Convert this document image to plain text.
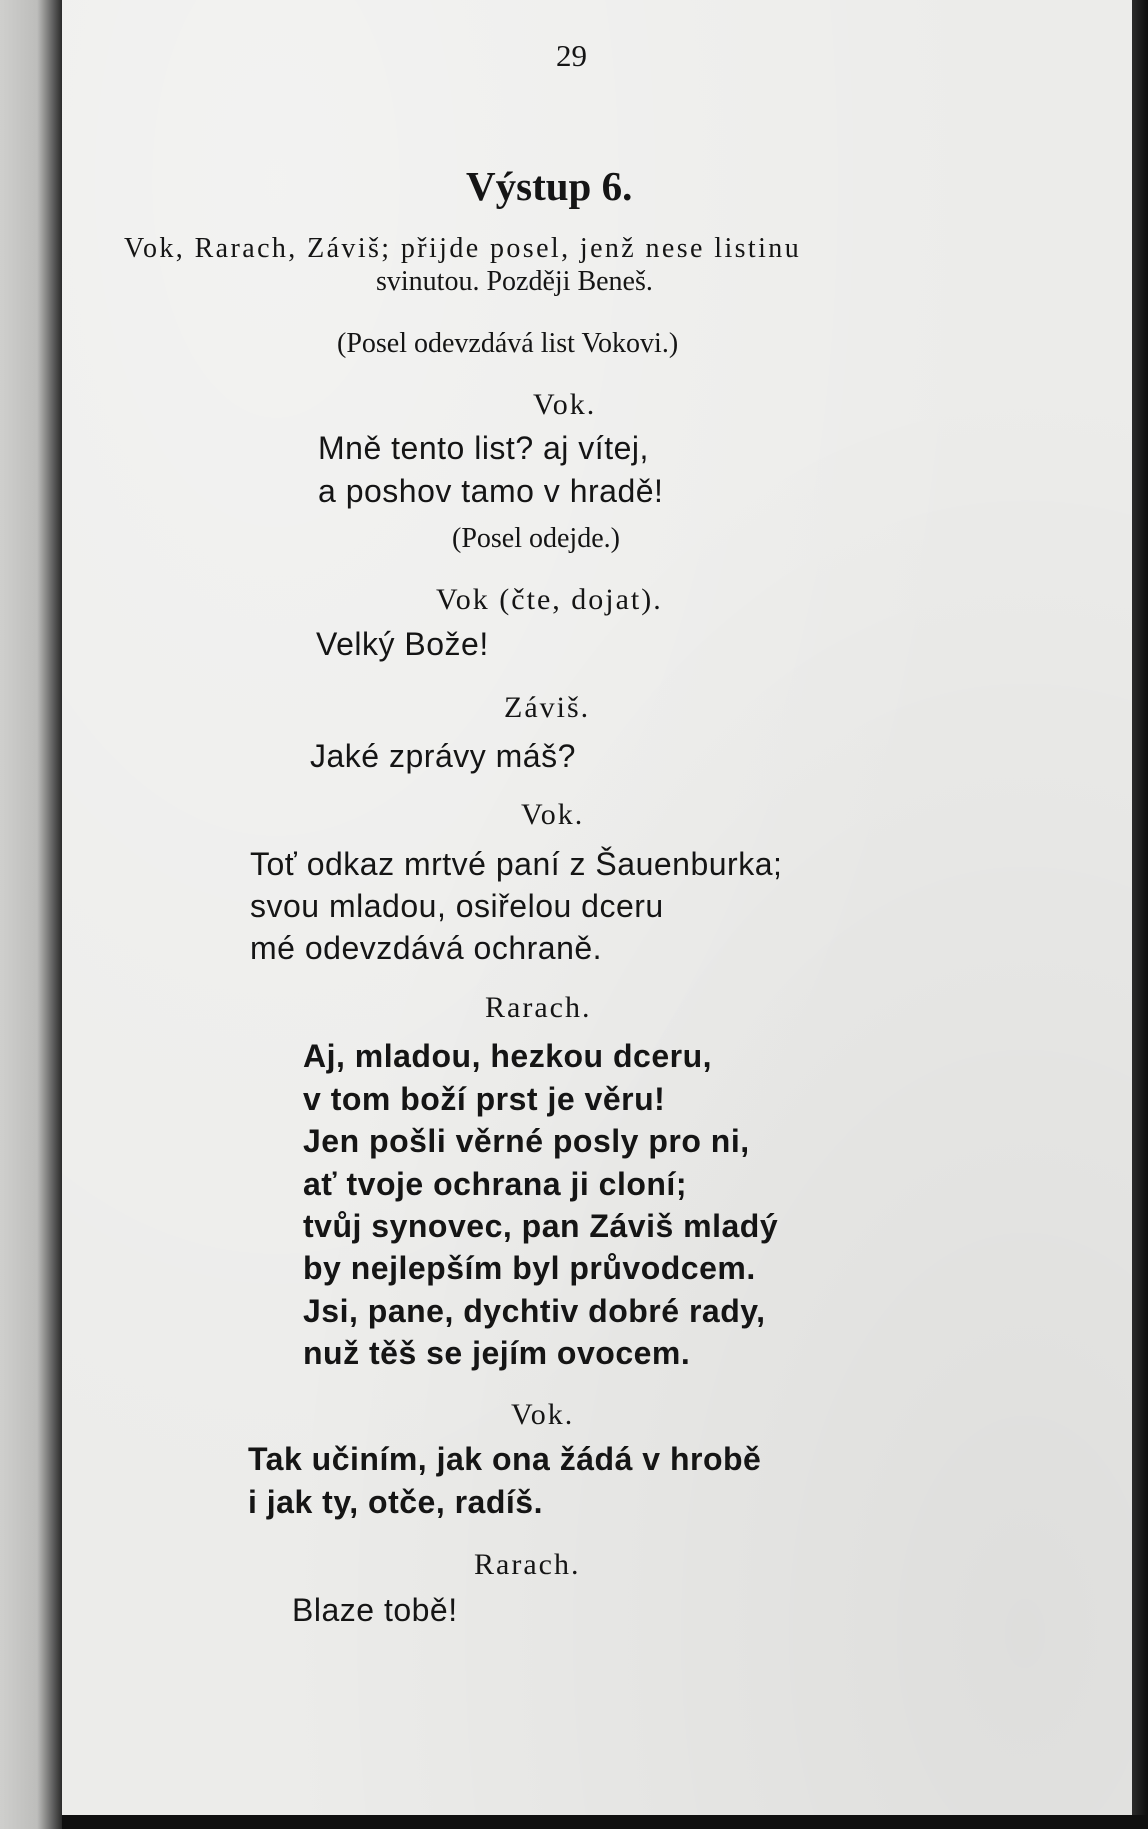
29
Výstup 6.
Vok, Rarach, Záviš; přijde posel, jenž nese listinu
svinutou. Později Beneš.
(Posel odevzdává list Vokovi.)
Vok.
Mně tento list? aj vítej,
a poshov tamo v hradě!
(Posel odejde.)
Vok (čte, dojat).
Velký Bože!
Záviš.
Jaké zprávy máš?
Vok.
Toť odkaz mrtvé paní z Šauenburka;
svou mladou, osiřelou dceru
mé odevzdává ochraně.
Rarach.
Aj, mladou, hezkou dceru,
v tom boží prst je věru!
Jen pošli věrné posly pro ni,
ať tvoje ochrana ji cloní;
tvůj synovec, pan Záviš mladý
by nejlepším byl průvodcem.
Jsi, pane, dychtiv dobré rady,
nuž těš se jejím ovocem.
Vok.
Tak učiním, jak ona žádá v hrobě
i jak ty, otče, radíš.
Rarach.
Blaze tobě!
